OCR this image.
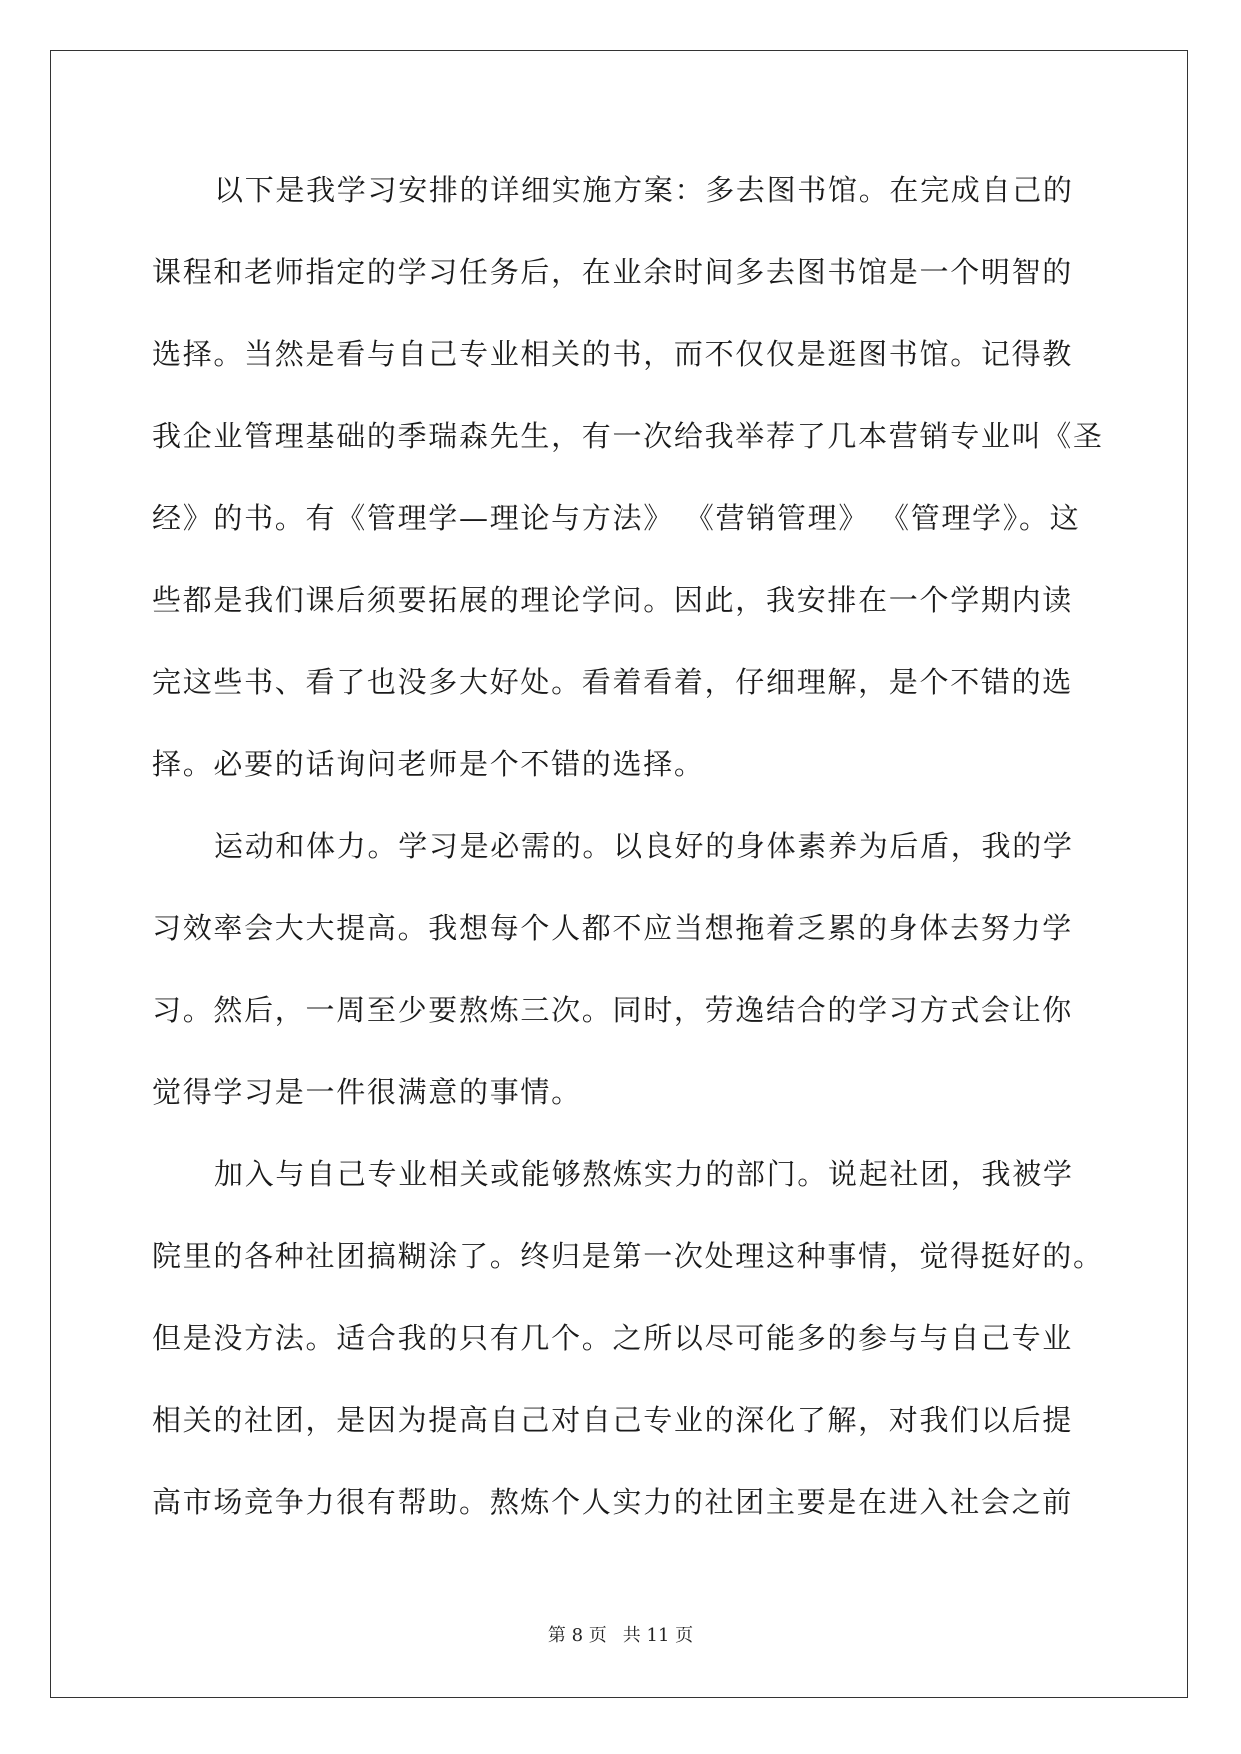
以下是我学习安排的详细实施方案：多去图书馆。在完成自己的
课程和老师指定的学习任务后，在业余时间多去图书馆是一个明智的
选择。当然是看与自己专业相关的书，而不仅仅是逛图书馆。记得教
我企业管理基础的季瑞森先生，有一次给我举荐了几本营销专业叫《圣
经》的书。有《管理学—理论与方法》 《营销管理》 《管理学》。这
些都是我们课后须要拓展的理论学问。因此，我安排在一个学期内读
完这些书、看了也没多大好处。看着看着，仔细理解，是个不错的选
择。必要的话询问老师是个不错的选择。
运动和体力。学习是必需的。以良好的身体素养为后盾，我的学
习效率会大大提高。我想每个人都不应当想拖着乏累的身体去努力学
习。然后，一周至少要熬炼三次。同时，劳逸结合的学习方式会让你
觉得学习是一件很满意的事情。
加入与自己专业相关或能够熬炼实力的部门。说起社团，我被学
院里的各种社团搞糊涂了。终归是第一次处理这种事情，觉得挺好的。
但是没方法。适合我的只有几个。之所以尽可能多的参与与自己专业
相关的社团，是因为提高自己对自己专业的深化了解，对我们以后提
高市场竞争力很有帮助。熬炼个人实力的社团主要是在进入社会之前
第 8 页 共 11 页
